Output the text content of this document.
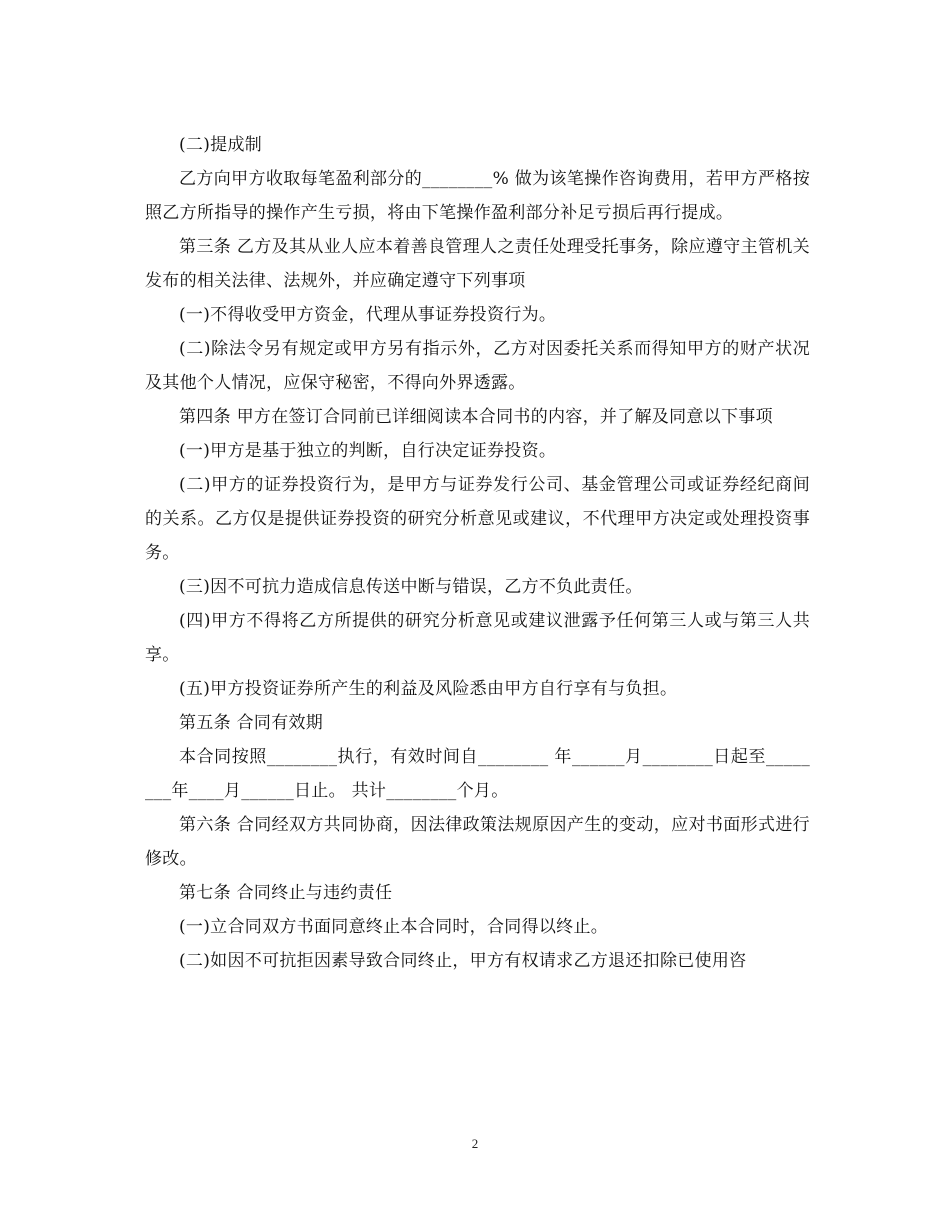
(二)提成制

乙方向甲方收取每笔盈利部分的________% 做为该笔操作咨询费用，若甲方严格按照乙方所指导的操作产生亏损，将由下笔操作盈利部分补足亏损后再行提成。

第三条 乙方及其从业人应本着善良管理人之责任处理受托事务，除应遵守主管机关发布的相关法律、法规外，并应确定遵守下列事项

(一)不得收受甲方资金，代理从事证券投资行为。

(二)除法令另有规定或甲方另有指示外，乙方对因委托关系而得知甲方的财产状况及其他个人情况，应保守秘密，不得向外界透露。

第四条 甲方在签订合同前已详细阅读本合同书的内容，并了解及同意以下事项

(一)甲方是基于独立的判断，自行决定证券投资。

(二)甲方的证券投资行为，是甲方与证券发行公司、基金管理公司或证券经纪商间的关系。乙方仅是提供证券投资的研究分析意见或建议，不代理甲方决定或处理投资事务。

(三)因不可抗力造成信息传送中断与错误，乙方不负此责任。

(四)甲方不得将乙方所提供的研究分析意见或建议泄露予任何第三人或与第三人共享。

(五)甲方投资证券所产生的利益及风险悉由甲方自行享有与负担。

第五条 合同有效期

本合同按照________执行，有效时间自________ 年______月________日起至________年____月______日止。 共计________个月。

第六条 合同经双方共同协商，因法律政策法规原因产生的变动，应对书面形式进行修改。

第七条 合同终止与违约责任

(一)立合同双方书面同意终止本合同时，合同得以终止。

(二)如因不可抗拒因素导致合同终止，甲方有权请求乙方退还扣除已使用咨

2
